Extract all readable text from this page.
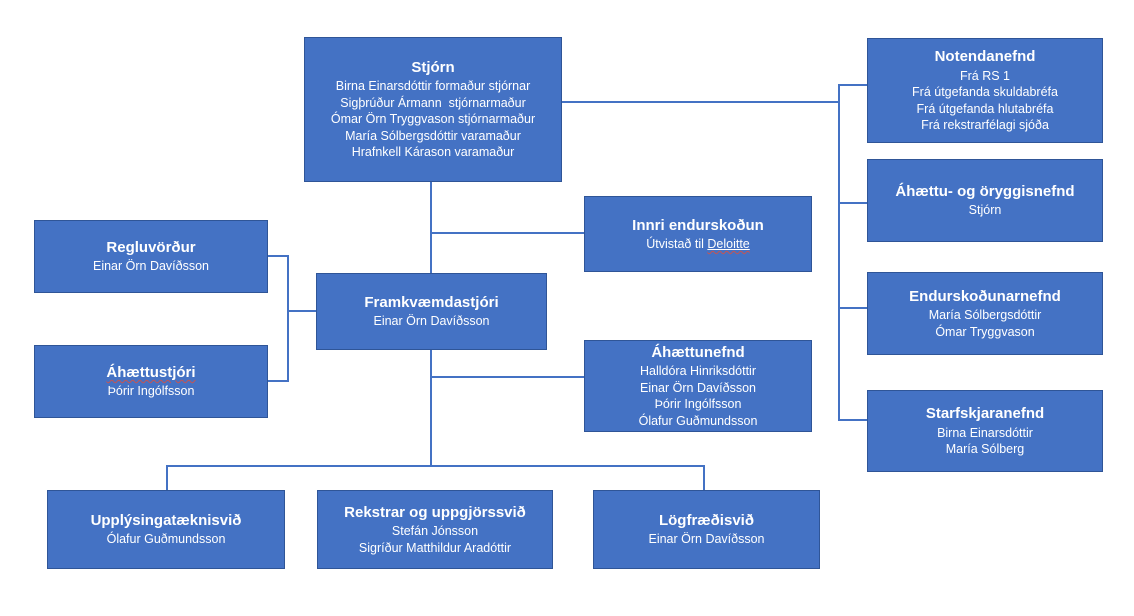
Stjórn
Birna Einarsdóttir formaður stjórnar
Sigþrúður Ármann  stjórnarmaður
Ómar Örn Tryggvason stjórnarmaður
María Sólbergsdóttir varamaður
Hrafnkell Kárason varamaður
Notendanefnd
Frá RS 1
Frá útgefanda skuldabréfa
Frá útgefanda hlutabréfa
Frá rekstrarfélagi sjóða
Áhættu- og öryggisnefnd
Stjórn
Endurskoðunarnefnd
María Sólbergsdóttir
Ómar Tryggvason
Starfskjaranefnd
Birna Einarsdóttir
María Sólberg
Regluvörður
Einar Örn Davíðsson
Áhættustjóri
Þórir Ingólfsson
Framkvæmdastjóri
Einar Örn Davíðsson
Innri endurskoðun
Útvistað til Deloitte
Áhættunefnd
Halldóra Hinriksdóttir
Einar Örn Davíðsson
Þórir Ingólfsson
Ólafur Guðmundsson
Upplýsingatæknisvið
Ólafur Guðmundsson
Rekstrar og uppgjörssvið
Stefán Jónsson
Sigríður Matthildur Aradóttir
Lögfræðisvið
Einar Örn Davíðsson
